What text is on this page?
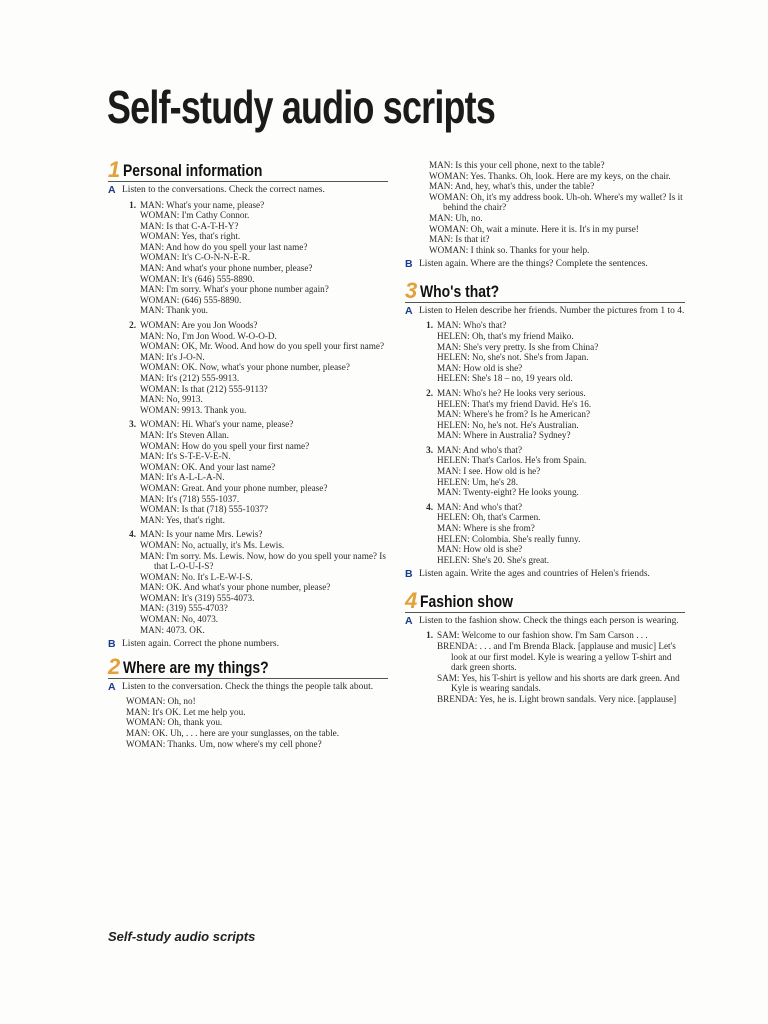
Self-study audio scripts
1 Personal information
A Listen to the conversations. Check the correct names.
1. MAN: What's your name, please?
WOMAN: I'm Cathy Connor.
MAN: Is that C-A-T-H-Y?
WOMAN: Yes, that's right.
MAN: And how do you spell your last name?
WOMAN: It's C-O-N-N-E-R.
MAN: And what's your phone number, please?
WOMAN: It's (646) 555-8890.
MAN: I'm sorry. What's your phone number again?
WOMAN: (646) 555-8890.
MAN: Thank you.
2. WOMAN: Are you Jon Woods?
MAN: No, I'm Jon Wood. W-O-O-D.
WOMAN: OK, Mr. Wood. And how do you spell your first name?
MAN: It's J-O-N.
WOMAN: OK. Now, what's your phone number, please?
MAN: It's (212) 555-9913.
WOMAN: Is that (212) 555-9113?
MAN: No, 9913.
WOMAN: 9913. Thank you.
3. WOMAN: Hi. What's your name, please?
MAN: It's Steven Allan.
WOMAN: How do you spell your first name?
MAN: It's S-T-E-V-E-N.
WOMAN: OK. And your last name?
MAN: It's A-L-L-A-N.
WOMAN: Great. And your phone number, please?
MAN: It's (718) 555-1037.
WOMAN: Is that (718) 555-1037?
MAN: Yes, that's right.
4. MAN: Is your name Mrs. Lewis?
WOMAN: No, actually, it's Ms. Lewis.
MAN: I'm sorry. Ms. Lewis. Now, how do you spell your name? Is that L-O-U-I-S?
WOMAN: No. It's L-E-W-I-S.
MAN: OK. And what's your phone number, please?
WOMAN: It's (319) 555-4073.
MAN: (319) 555-4703?
WOMAN: No, 4073.
MAN: 4073. OK.
B Listen again. Correct the phone numbers.
2 Where are my things?
A Listen to the conversation. Check the things the people talk about.
WOMAN: Oh, no!
MAN: It's OK. Let me help you.
WOMAN: Oh, thank you.
MAN: OK. Uh, . . . here are your sunglasses, on the table.
WOMAN: Thanks. Um, now where's my cell phone?
MAN: Is this your cell phone, next to the table?
WOMAN: Yes. Thanks. Oh, look. Here are my keys, on the chair.
MAN: And, hey, what's this, under the table?
WOMAN: Oh, it's my address book. Uh-oh. Where's my wallet? Is it behind the chair?
MAN: Uh, no.
WOMAN: Oh, wait a minute. Here it is. It's in my purse!
MAN: Is that it?
WOMAN: I think so. Thanks for your help.
B Listen again. Where are the things? Complete the sentences.
3 Who's that?
A Listen to Helen describe her friends. Number the pictures from 1 to 4.
1. MAN: Who's that?
HELEN: Oh, that's my friend Maiko.
MAN: She's very pretty. Is she from China?
HELEN: No, she's not. She's from Japan.
MAN: How old is she?
HELEN: She's 18 – no, 19 years old.
2. MAN: Who's he? He looks very serious.
HELEN: That's my friend David. He's 16.
MAN: Where's he from? Is he American?
HELEN: No, he's not. He's Australian.
MAN: Where in Australia? Sydney?
3. MAN: And who's that?
HELEN: That's Carlos. He's from Spain.
MAN: I see. How old is he?
HELEN: Um, he's 28.
MAN: Twenty-eight? He looks young.
4. MAN: And who's that?
HELEN: Oh, that's Carmen.
MAN: Where is she from?
HELEN: Colombia. She's really funny.
MAN: How old is she?
HELEN: She's 20. She's great.
B Listen again. Write the ages and countries of Helen's friends.
4 Fashion show
A Listen to the fashion show. Check the things each person is wearing.
1. SAM: Welcome to our fashion show. I'm Sam Carson . . .
BRENDA: . . . and I'm Brenda Black. [applause and music] Let's look at our first model. Kyle is wearing a yellow T-shirt and dark green shorts.
SAM: Yes, his T-shirt is yellow and his shorts are dark green. And Kyle is wearing sandals.
BRENDA: Yes, he is. Light brown sandals. Very nice. [applause]
Self-study audio scripts
